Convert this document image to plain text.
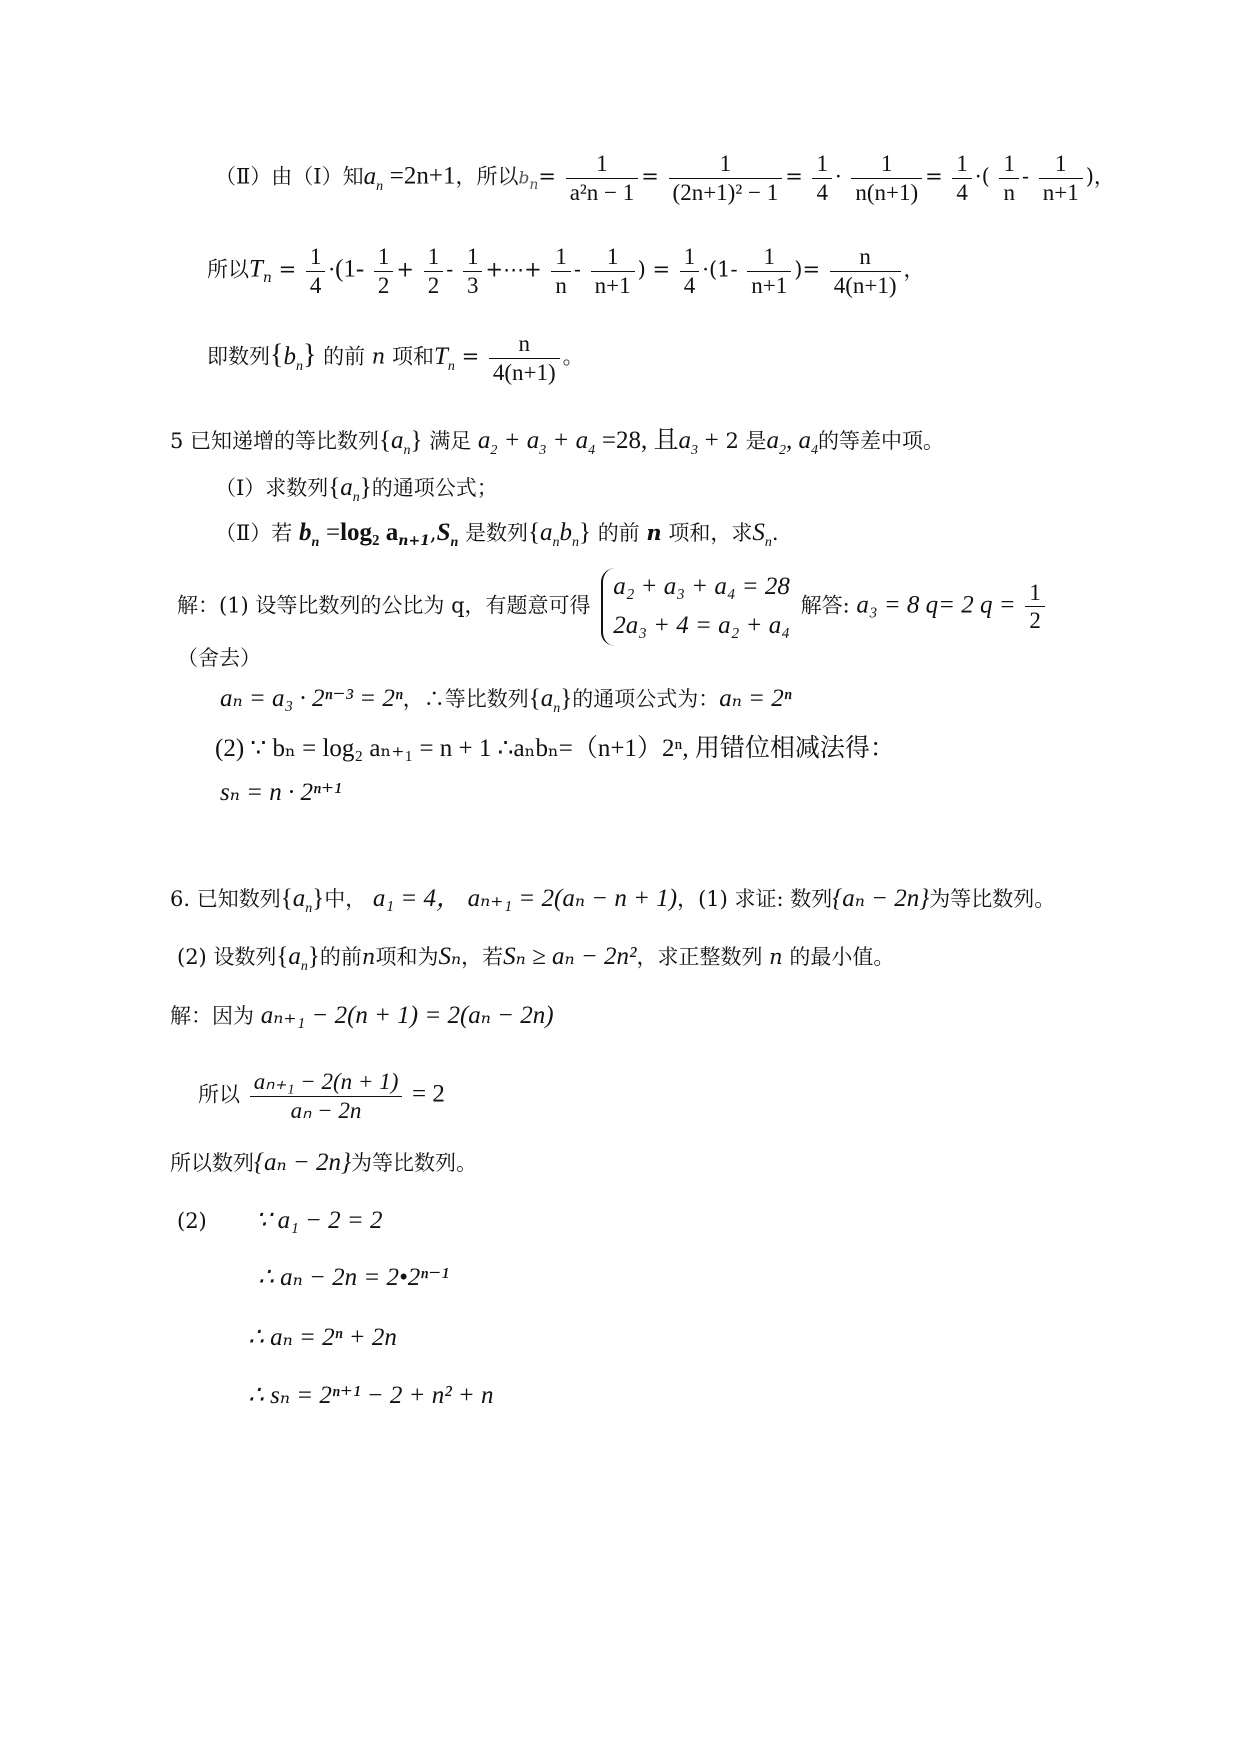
（Ⅱ）由（Ⅰ）知$a_n =2n+1$，所以$b_n= \frac{1}{\text{a²n − 1}} = \frac{1}{\text{(2n+1)² − 1}} = \frac{1}{4} \cdot \frac{1}{n(n+1)} = \frac{1}{4}$ ·( $\frac{1}{n} - \frac{1}{n+1}$ )，
所以$T_n = \frac{1}{4} \cdot(1- \frac{1}{2} + \frac{1}{2} - \frac{1}{3}$ +⋯+ $\frac{1}{n} - \frac{1}{n+1}$ ) = $\frac{1}{4} \cdot(1- \frac{1}{n+1}$ )= $\frac{n}{4(n+1)}$ ，
即数列$\{b_n\}$ 的前 n 项和$T_n = \frac{n}{4(n+1)}$ 。
5 已知递增的等比数列$\{a_n\}$ 满足 $a_2 + a_3 + a_4 =28$, 且$a_3 + 2$ 是$a_2$, $a_4$的等差中项。
（Ⅰ）求数列$\{a_n\}$的通项公式；
（Ⅱ）若 $b_n =\log_2$ $a_{n+1},S_n$ 是数列$\{a_nb_n\}$ 的前 n 项和，求$S_n$.
解：(1) 设等比数列的公比为 q，有题意可得
a₂ + a₃ + a₄ = 28
2a₃ + 4 = a₂ + a₄
解答: a₃ = 8 q= 2 $q = \frac{1}{2}$
（舍去）
aₙ = a₃ · 2ⁿ⁻³ = 2ⁿ，∴等比数列$\{a_n\}$的通项公式为：aₙ = 2ⁿ
(2) ∵ bₙ = log₂ aₙ₊₁ = n + 1 ∴aₙbₙ=（n+1）2ⁿ, 用错位相减法得：
sₙ = n · 2ⁿ⁺¹
6. 已知数列$\{a_n\}$中， a₁ = 4， aₙ₊₁ = 2(aₙ − n + 1)，(1) 求证: 数列{aₙ − 2n}为等比数列。
(2) 设数列$\{a_n\}$的前n项和为Sₙ，若Sₙ ≥ aₙ − 2n²，求正整数列 n 的最小值。
解：因为 aₙ₊₁ − 2(n + 1) = 2(aₙ − 2n)
所以 $\frac{\text{aₙ₊₁ − 2(n + 1)}}{\text{aₙ − 2n}} = 2$
所以数列{aₙ − 2n}为等比数列。
(2) ∵ a₁ − 2 = 2
∴ aₙ − 2n = 2•2ⁿ⁻¹
∴ aₙ = 2ⁿ + 2n
∴ sₙ = 2ⁿ⁺¹ − 2 + n² + n
